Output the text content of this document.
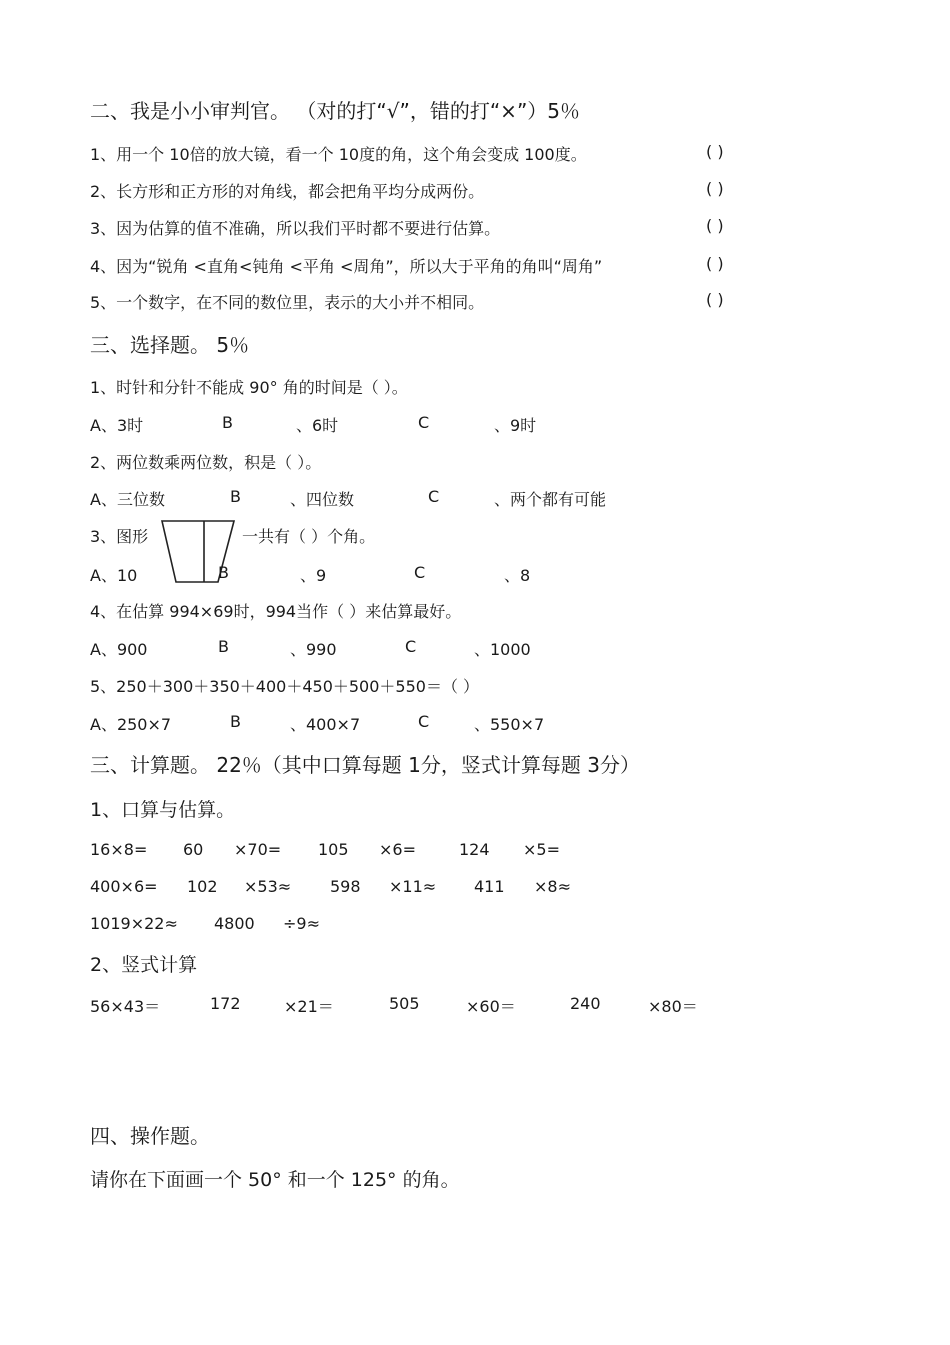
二、我是小小审判官。 （对的打“√”，错的打“×”）5％
1、用一个 10倍的放大镜，看一个 10度的角，这个角会变成 100度。	( )
2、长方形和正方形的对角线，都会把角平均分成两份。	( )
3、因为估算的值不准确，所以我们平时都不要进行估算。	( )
4、因为“锐角 <直角<钝角 <平角 <周角”，所以大于平角的角叫“周角”	( )
5、一个数字，在不同的数位里，表示的大小并不相同。	( )
三、选择题。 5％
1、时针和分针不能成 90° 角的时间是（ ）。
A、3时	B	、6时	C	、9时
2、两位数乘两位数，积是（ ）。
A、三位数	B	、四位数	C	、两个都有可能
3、图形	一共有（ ）个角。
A、10	B	、9	C	、8
4、在估算 994×69时，994当作（ ）来估算最好。
A、900	B	、990	C	、1000
5、250＋300＋350＋400＋450＋500＋550＝（ ）
A、250×7	B	、400×7	C	、550×7
三、计算题。 22％（其中口算每题 1分，竖式计算每题 3分）
1、口算与估算。
16×8= 60 ×70= 105 ×6=	124 ×5=
400×6= 102 ×53≈ 598 ×11≈ 411 ×8≈
1019×22≈ 4800 ÷9≈
2、竖式计算
56×43＝	172	×21＝	505	×60＝	240	×80＝
四、操作题。
请你在下面画一个 50° 和一个 125° 的角。
